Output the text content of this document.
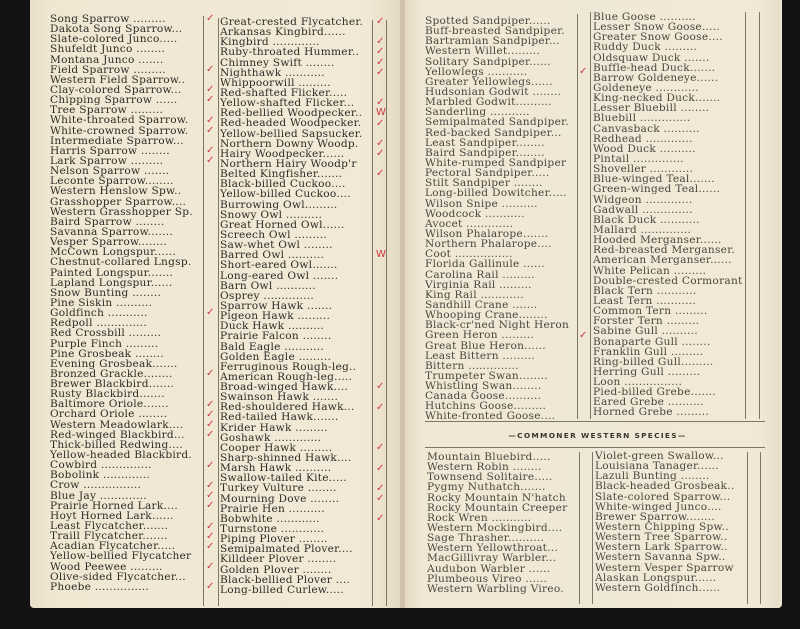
Song Sparrow .........
Dakota Song Sparrow...
Slate-colored Junco.....
Shufeldt Junco ........
Montana Junco .......
Field Sparrow .........
Western Field Sparrow..
Clay-colored Sparrow...
Chipping Sparrow ......
Tree Sparrow .........
White-throated Sparrow.
White-crowned Sparrow.
Intermediate Sparrow...
Harris Sparrow ........
Lark Sparrow .........
Nelson Sparrow .......
Leconte Sparrow........
Western Henslow Spw..
Grasshopper Sparrow....
Western Grasshopper Sp.
Baird Sparrow ........
Savanna Sparrow.......
Vesper Sparrow........
McCown Longspur......
Chestnut-collared Lngsp.
Painted Longspur.......
Lapland Longspur......
Snow Bunting ........
Pine Siskin ..........
Goldfinch ...........
Redpoll ..............
Red Crossbill .........
Purple Finch .........
Pine Grosbeak ........
Evening Grosbeak.......
Bronzed Grackle........
Brewer Blackbird.......
Rusty Blackbird.......
Baltimore Oriole.......
Orchard Oriole ........
Western Meadowlark....
Red-winged Blackbird...
Thick-billed Redwing....
Yellow-headed Blackbird.
Cowbird ..............
Bobolink .............
Crow ................
Blue Jay .............
Prairie Horned Lark....
Hoyt Horned Lark......
Least Flycatcher.......
Traill Flycatcher.......
Acadian Flycatcher.....
Yellow-bellied Flycatcher
Wood Peewee .........
Olive-sided Flycatcher...
Phoebe ...............
Great-crested Flycatcher.
Arkansas Kingbird......
Kingbird .............
Ruby-throated Hummer..
Chimney Swift ........
Nighthawk ...........
Whippoorwill .........
Red-shafted Flicker.....
Yellow-shafted Flicker...
Red-bellied Woodpecker..
Red-headed Woodpecker.
Yellow-bellied Sapsucker.
Northern Downy Woodp.
Hairy Woodpecker......
Northern Hairy Woodp'r
Belted Kingfisher.......
Black-billed Cuckoo....
Yellow-billed Cuckoo....
Burrowing Owl.........
Snowy Owl ..........
Great Horned Owl......
Screech Owl .........
Saw-whet Owl ........
Barred Owl ..........
Short-eared Owl.......
Long-eared Owl .......
Barn Owl ...........
Osprey ..............
Sparrow Hawk .......
Pigeon Hawk .........
Duck Hawk ..........
Prairie Falcon ........
Bald Eagle ...........
Golden Eagle .........
Ferruginous Rough-leg..
American Rough-leg.....
Broad-winged Hawk....
Swainson Hawk .......
Red-shouldered Hawk...
Red-tailed Hawk.......
Krider Hawk .........
Goshawk .............
Cooper Hawk .........
Sharp-shinned Hawk....
Marsh Hawk ..........
Swallow-tailed Kite.....
Turkey Vulture ........
Mourning Dove ........
Prairie Hen ..........
Bobwhite ............
Turnstone ............
Piping Plover ........
Semipalmated Plover....
Killdeer Plover ........
Golden Plover ........
Black-bellied Plover ....
Long-billed Curlew.....
Spotted Sandpiper......
Buff-breasted Sandpiper.
Bartramian Sandpiper...
Western Willet.........
Solitary Sandpiper......
Yellowlegs ...........
Greater Yellowlegs......
Hudsonian Godwit ........
Marbled Godwit..........
Sanderling ...........
Semipalmated Sandpiper.
Red-backed Sandpiper...
Least Sandpiper........
Baird Sandpiper........
White-rumped Sandpiper
Pectoral Sandpiper.....
Stilt Sandpiper ........
Long-billed Dowitcher.....
Wilson Snipe ..........
Woodcock ...........
Avocet .............
Wilson Phalarope.......
Northern Phalarope....
Coot ................
Florida Gallinule ......
Carolina Rail .........
Virginia Rail .........
King Rail ............
Sandhill Crane .......
Whooping Crane........
Black-cr'ned Night Heron
Green Heron .........
Great Blue Heron......
Least Bittern .........
Bittern ..............
Trumpeter Swan........
Whistling Swan........
Canada Goose..........
Hutchins Goose.........
White-fronted Goose....
Blue Goose ..........
Lesser Snow Goose.....
Greater Snow Goose....
Ruddy Duck .........
Oldsquaw Duck .......
Buffle-head Duck.......
Barrow Goldeneye......
Goldeneye ............
King-necked Duck.......
Lesser Bluebill ........
Bluebill ..............
Canvasback ..........
Redhead .............
Wood Duck ..........
Pintail ..............
Shoveller ............
Blue-winged Teal.......
Green-winged Teal......
Widgeon .............
Gadwall ..............
Black Duck ...........
Mallard ..............
Hooded Merganser......
Red-breasted Merganser.
American Merganser......
White Pelican .........
Double-crested Cormorant
Black Tern ...........
Least Tern ...........
Common Tern .........
Forster Tern .........
Sabine Gull ..........
Bonaparte Gull ........
Franklin Gull .........
Ring-billed Gull.........
Herring Gull .........
Loon ................
Pied-billed Grebe.......
Eared Grebe ..........
Horned Grebe .........
—COMMONER WESTERN SPECIES—
Mountain Bluebird.....
Western Robin ........
Townsend Solitaire.....
Pygmy Nuthatch.......
Rocky Mountain N'hatch
Rocky Mountain Creeper
Rock Wren ...........
Western Mockingbird....
Sage Thrasher..........
Western Yellowthroat...
MacGillivray Warbler...
Audubon Warbler ......
Plumbeous Vireo ......
Western Warbling Vireo.
Violet-green Swallow...
Louisiana Tanager......
Lazuli Bunting ........
Black-headed Grosbeak..
Slate-colored Sparrow...
White-winged Junco....
Brewer Sparrow........
Western Chipping Spw..
Western Tree Sparrow..
Western Lark Sparrow..
Western Savanna Spw..
Western Vesper Sparrow
Alaskan Longspur......
Western Goldfinch......
✓
✓
✓
✓
✓
✓
✓
✓
✓
✓
✓
✓
✓
✓
✓
✓
✓
✓
✓
✓
✓
✓
✓
✓
✓
✓
✓
✓
✓
✓
✓
✓
✓
✓
✓
✓
✓
✓
✓
✓
W
W
✓
✓
